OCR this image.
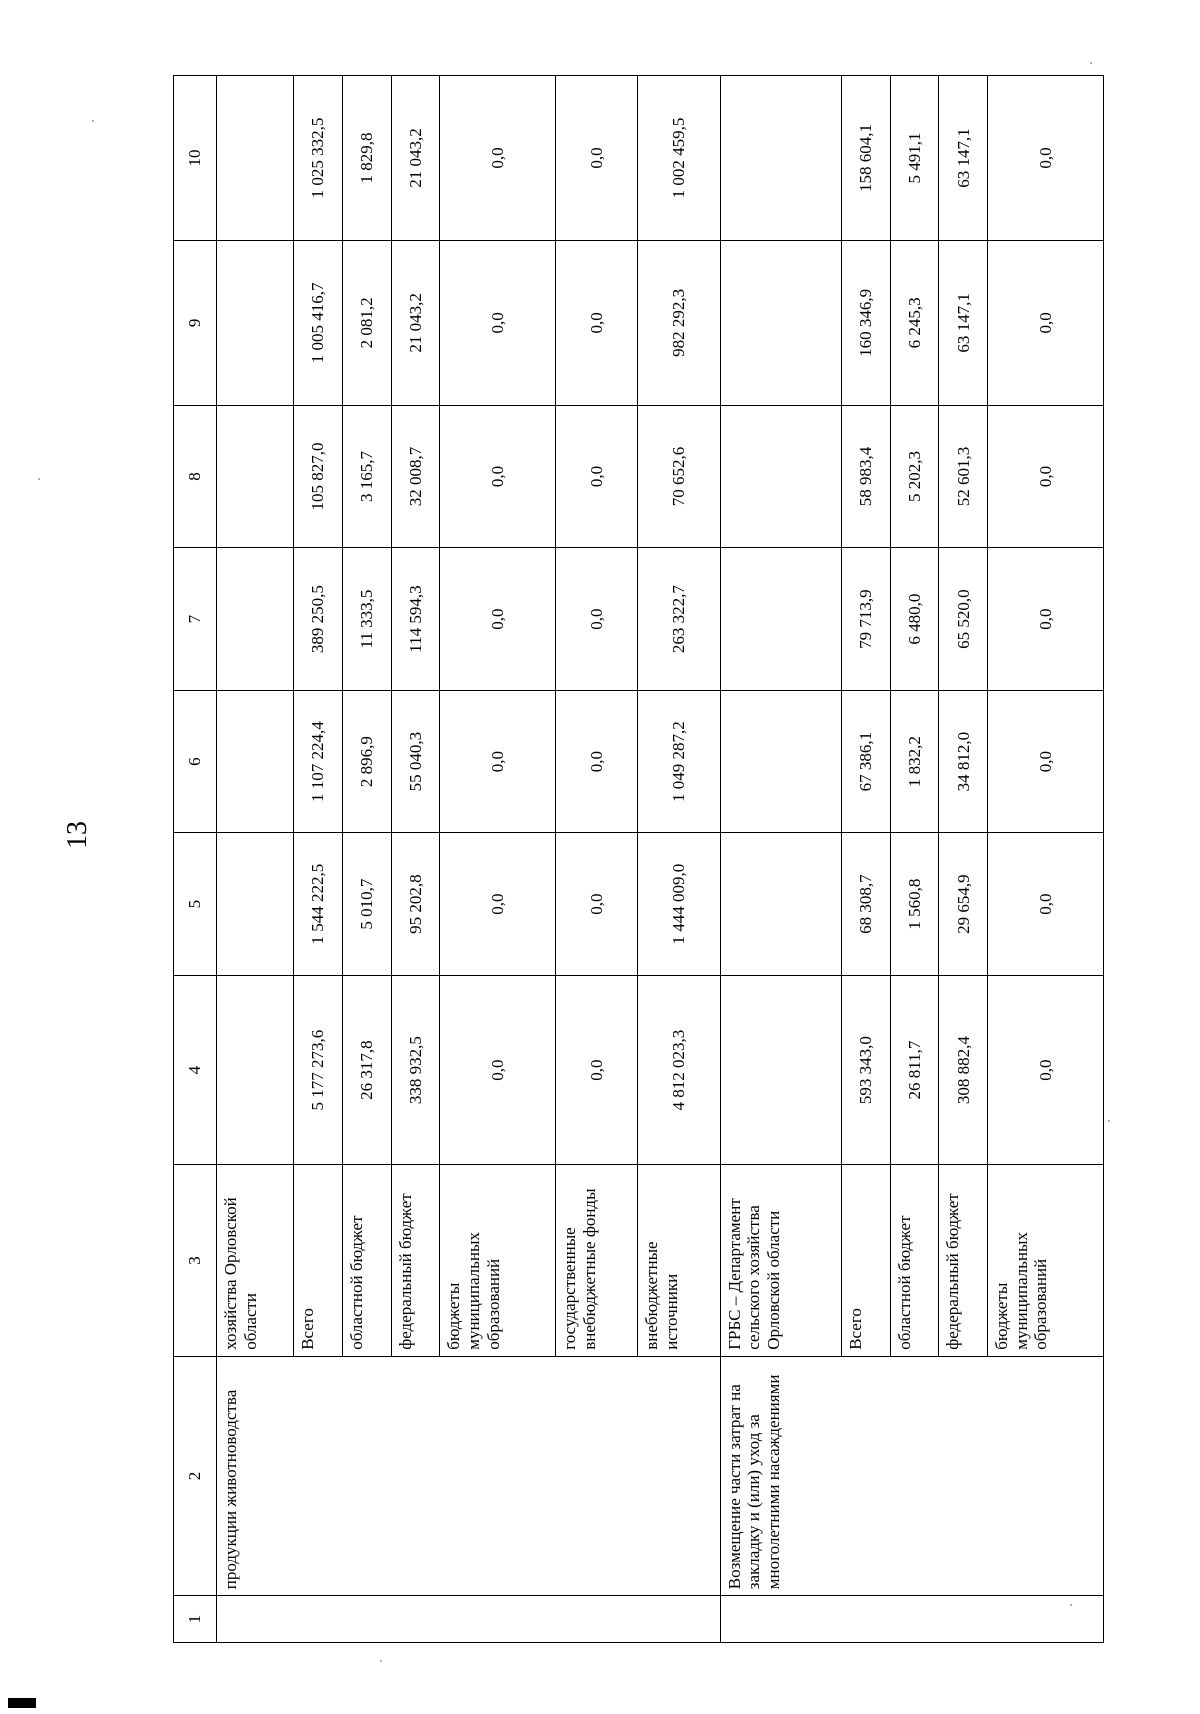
13
1	2	3	4	5	6	7	8	9	10
	продукции животноводства	хозяйства Орловской области							
		Всего	5 177 273,6	1 544 222,5	1 107 224,4	389 250,5	105 827,0	1 005 416,7	1 025 332,5
		областной бюджет	26 317,8	5 010,7	2 896,9	11 333,5	3 165,7	2 081,2	1 829,8
		федеральный бюджет	338 932,5	95 202,8	55 040,3	114 594,3	32 008,7	21 043,2	21 043,2
		бюджеты муниципальных образований	0,0	0,0	0,0	0,0	0,0	0,0	0,0
		государственные внебюджетные фонды	0,0	0,0	0,0	0,0	0,0	0,0	0,0
		внебюджетные источники	4 812 023,3	1 444 009,0	1 049 287,2	263 322,7	70 652,6	982 292,3	1 002 459,5
	Возмещение части затрат на закладку и (или) уход за многолетними насаждениями	ГРБС – Департамент сельского хозяйства Орловской области							
		Всего	593 343,0	68 308,7	67 386,1	79 713,9	58 983,4	160 346,9	158 604,1
		областной бюджет	26 811,7	1 560,8	1 832,2	6 480,0	5 202,3	6 245,3	5 491,1
		федеральный бюджет	308 882,4	29 654,9	34 812,0	65 520,0	52 601,3	63 147,1	63 147,1
		бюджеты муниципальных образований	0,0	0,0	0,0	0,0	0,0	0,0	0,0
